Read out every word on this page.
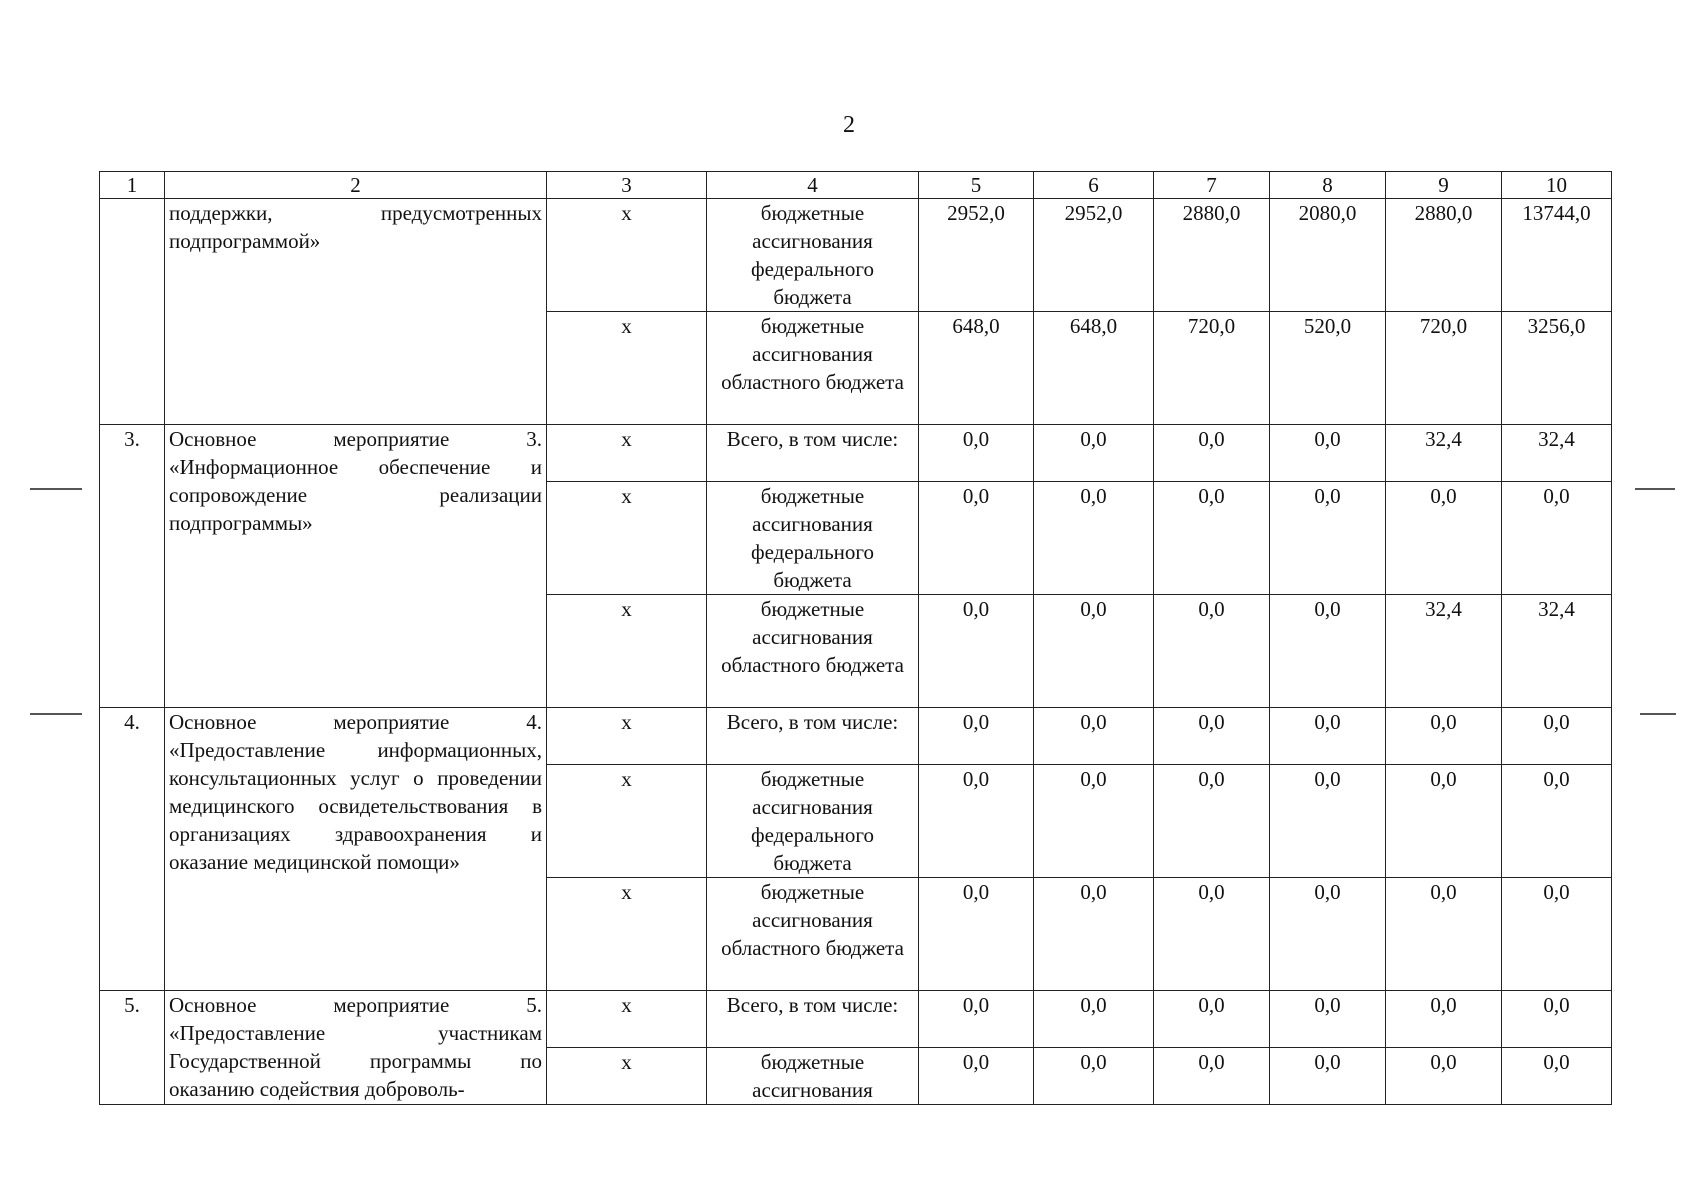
2
1	2	3	4	5	6	7	8	9	10
	поддержки, предусмотренных подпрограммой»	х	бюджетные ассигнования федерального бюджета	2952,0	2952,0	2880,0	2080,0	2880,0	13744,0
		х	бюджетные ассигнования областного бюджета	648,0	648,0	720,0	520,0	720,0	3256,0
3.	Основное мероприятие 3. «Информационное обеспечение и сопровождение реализации подпрограммы»	х	Всего, в том числе:	0,0	0,0	0,0	0,0	32,4	32,4
		х	бюджетные ассигнования федерального бюджета	0,0	0,0	0,0	0,0	0,0	0,0
		х	бюджетные ассигнования областного бюджета	0,0	0,0	0,0	0,0	32,4	32,4
4.	Основное мероприятие 4. «Предоставление информационных, консультационных услуг о проведении медицинского освидетельствования в организациях здравоохранения и оказание медицинской помощи»	х	Всего, в том числе:	0,0	0,0	0,0	0,0	0,0	0,0
		х	бюджетные ассигнования федерального бюджета	0,0	0,0	0,0	0,0	0,0	0,0
		х	бюджетные ассигнования областного бюджета	0,0	0,0	0,0	0,0	0,0	0,0
5.	Основное мероприятие 5. «Предоставление участникам Государственной программы по оказанию содействия доброволь-	х	Всего, в том числе:	0,0	0,0	0,0	0,0	0,0	0,0
		х	бюджетные ассигнования	0,0	0,0	0,0	0,0	0,0	0,0
